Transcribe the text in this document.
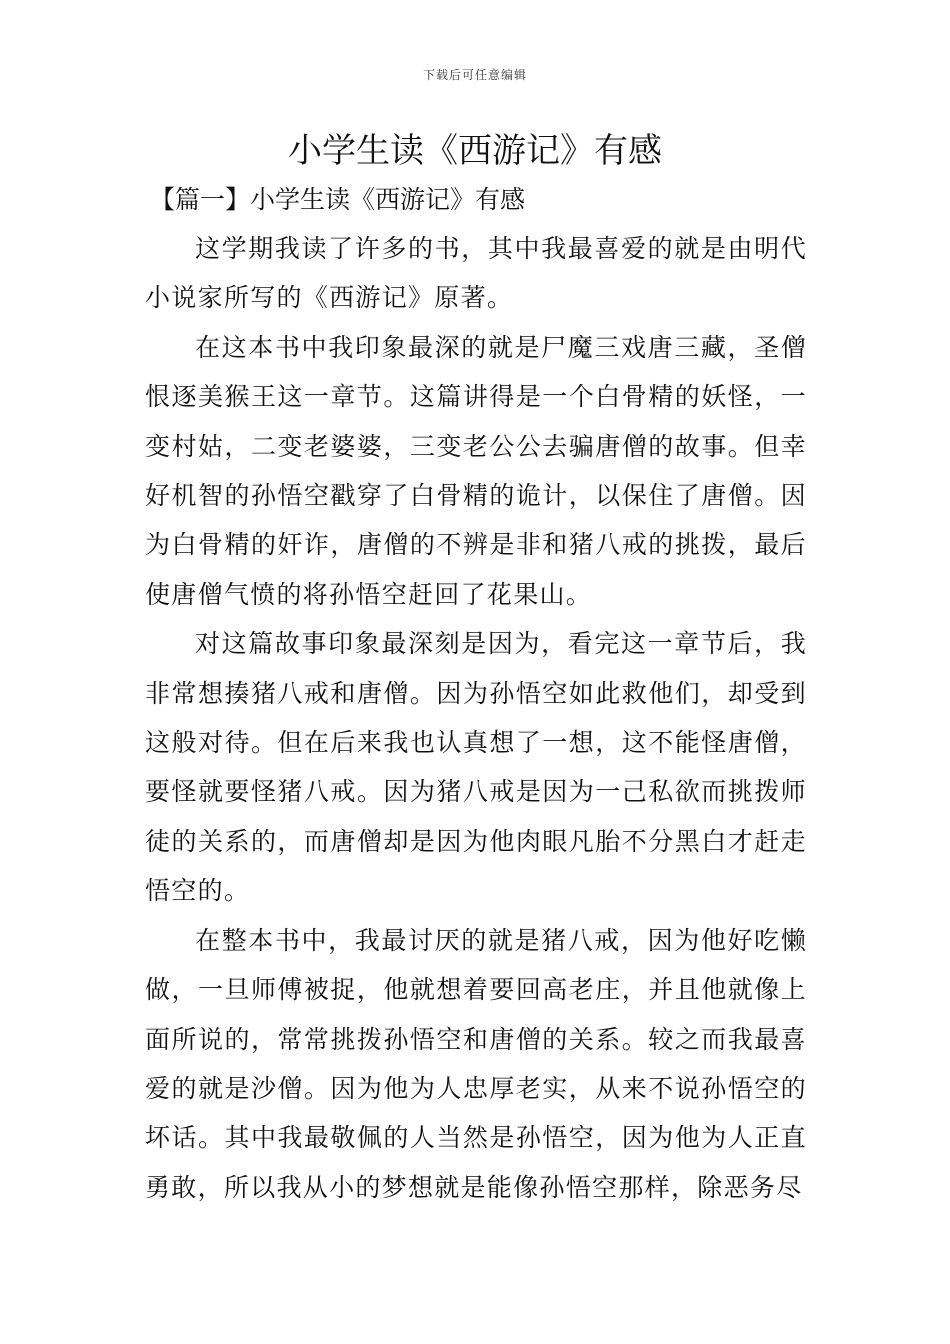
下载后可任意编辑
小学生读《西游记》有感
【篇一】小学生读《西游记》有感

这学期我读了许多的书，其中我最喜爱的就是由明代小说家所写的《西游记》原著。

在这本书中我印象最深的就是尸魔三戏唐三藏，圣僧恨逐美猴王这一章节。这篇讲得是一个白骨精的妖怪，一变村姑，二变老婆婆，三变老公公去骗唐僧的故事。但幸好机智的孙悟空戳穿了白骨精的诡计，以保住了唐僧。因为白骨精的奸诈，唐僧的不辨是非和猪八戒的挑拨，最后使唐僧气愤的将孙悟空赶回了花果山。

对这篇故事印象最深刻是因为，看完这一章节后，我非常想揍猪八戒和唐僧。因为孙悟空如此救他们，却受到这般对待。但在后来我也认真想了一想，这不能怪唐僧，要怪就要怪猪八戒。因为猪八戒是因为一己私欲而挑拨师徒的关系的，而唐僧却是因为他肉眼凡胎不分黑白才赶走悟空的。

在整本书中，我最讨厌的就是猪八戒，因为他好吃懒做，一旦师傅被捉，他就想着要回高老庄，并且他就像上面所说的，常常挑拨孙悟空和唐僧的关系。较之而我最喜爱的就是沙僧。因为他为人忠厚老实，从来不说孙悟空的坏话。其中我最敬佩的人当然是孙悟空，因为他为人正直勇敢，所以我从小的梦想就是能像孙悟空那样，除恶务尽
